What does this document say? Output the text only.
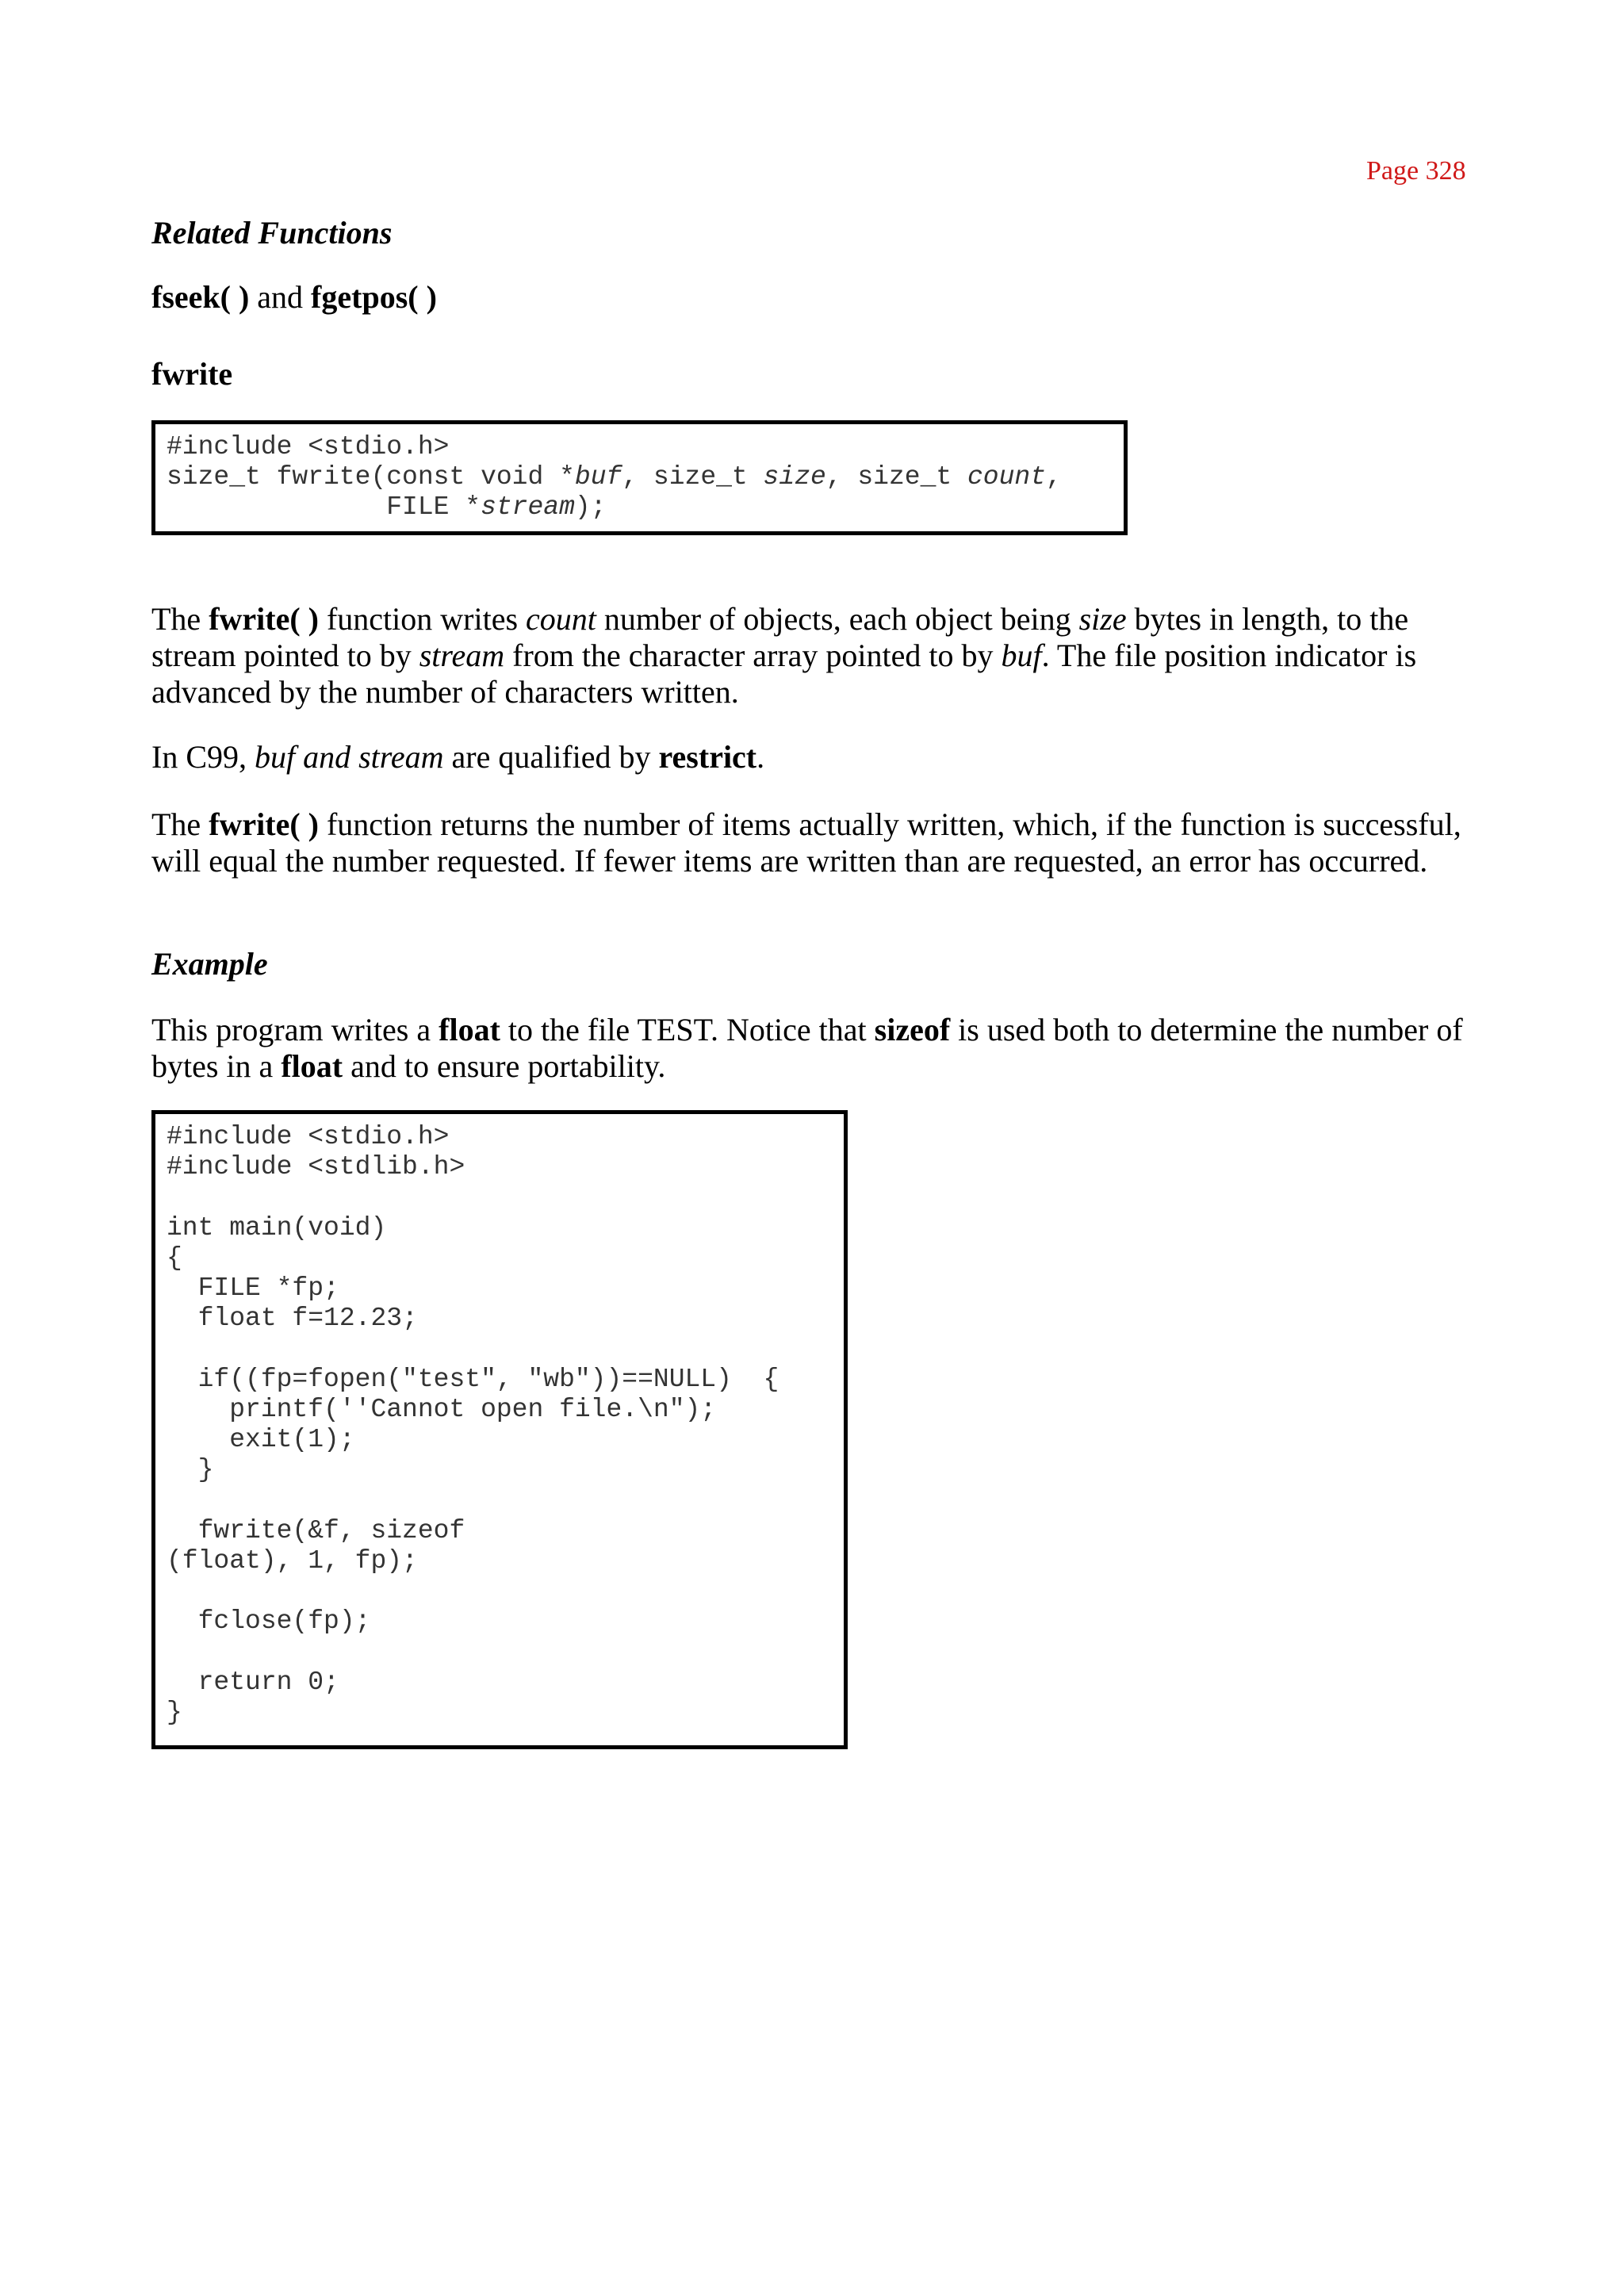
Page 328

Related Functions

fseek( ) and fgetpos( )

fwrite

#include <stdio.h>
size_t fwrite(const void *buf, size_t size, size_t count,
FILE *stream);

The fwrite( ) function writes count number of objects, each object being size bytes in length, to the stream pointed to by stream from the character array pointed to by buf. The file position indicator is advanced by the number of characters written.

In C99, buf and stream are qualified by restrict.

The fwrite( ) function returns the number of items actually written, which, if the function is successful, will equal the number requested. If fewer items are written than are requested, an error has occurred.

Example

This program writes a float to the file TEST. Notice that sizeof is used both to determine the number of bytes in a float and to ensure portability.

#include <stdio.h>
#include <stdlib.h>

int main(void)
{
FILE *fp;
float f=12.23;

if((fp=fopen("test", "wb"))==NULL)  {
printf(''Cannot open file.\n");
exit(1);
}

fwrite(&f, sizeof
(float), 1, fp);

fclose(fp);

return 0;
}
